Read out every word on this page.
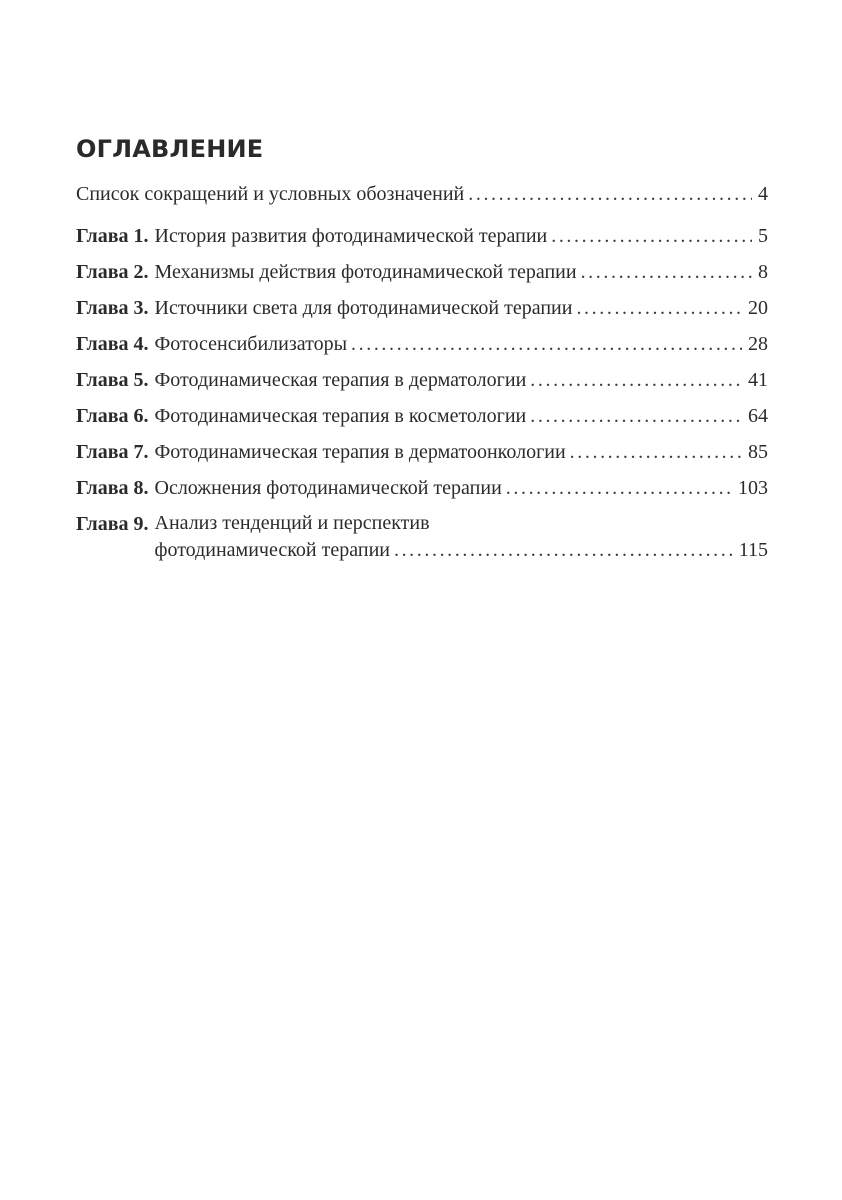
ОГЛАВЛЕНИЕ
Список сокращений и условных обозначений . . .	4
Глава 1. История развития фотодинамической терапии . . .	5
Глава 2. Механизмы действия фотодинамической терапии . . .	8
Глава 3. Источники света для фотодинамической терапии . . .	20
Глава 4. Фотосенсибилизаторы . . .	28
Глава 5. Фотодинамическая терапия в дерматологии . . .	41
Глава 6. Фотодинамическая терапия в косметологии . . .	64
Глава 7. Фотодинамическая терапия в дерматоонкологии . . .	85
Глава 8. Осложнения фотодинамической терапии . . .	103
Глава 9. Анализ тенденций и перспектив
фотодинамической терапии . . .	115
